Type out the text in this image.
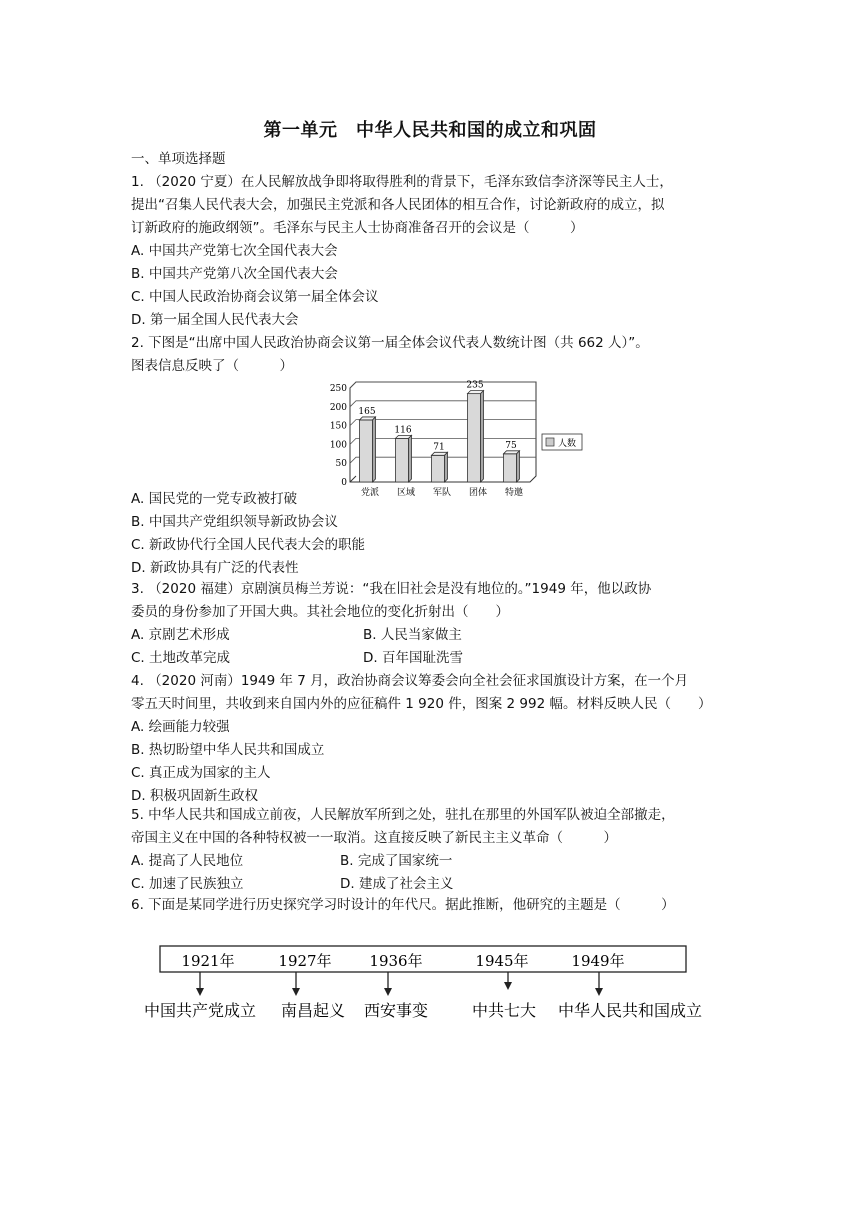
第一单元　中华人民共和国的成立和巩固
一、单项选择题
1. （2020 宁夏）在人民解放战争即将取得胜利的背景下，毛泽东致信李济深等民主人士，
提出“召集人民代表大会，加强民主党派和各人民团体的相互合作，讨论新政府的成立，拟
订新政府的施政纲领”。毛泽东与民主人士协商准备召开的会议是（　　　）
A. 中国共产党第七次全国代表大会
B. 中国共产党第八次全国代表大会
C. 中国人民政治协商会议第一届全体会议
D. 第一届全国人民代表大会
2. 下图是“出席中国人民政治协商会议第一届全体会议代表人数统计图（共 662 人）”。
图表信息反映了（　　　）
250
200
150
100
50
0
165
党派
116
区域
71
军队
235
团体
75
特邀
人数
A. 国民党的一党专政被打破
B. 中国共产党组织领导新政协会议
C. 新政协代行全国人民代表大会的职能
D. 新政协具有广泛的代表性
3. （2020 福建）京剧演员梅兰芳说：“我在旧社会是没有地位的。”1949 年，他以政协
委员的身份参加了开国大典。其社会地位的变化折射出（　　）
A. 京剧艺术形成	B. 人民当家做主
C. 土地改革完成	D. 百年国耻洗雪
4. （2020 河南）1949 年 7 月，政治协商会议筹委会向全社会征求国旗设计方案，在一个月
零五天时间里，共收到来自国内外的应征稿件 1 920 件，图案 2 992 幅。材料反映人民（　　）
A. 绘画能力较强
B. 热切盼望中华人民共和国成立
C. 真正成为国家的主人
D. 积极巩固新生政权
5. 中华人民共和国成立前夜，人民解放军所到之处，驻扎在那里的外国军队被迫全部撤走，
帝国主义在中国的各种特权被一一取消。这直接反映了新民主主义革命（　　　）
A. 提高了人民地位	B. 完成了国家统一
C. 加速了民族独立	D. 建成了社会主义
6. 下面是某同学进行历史探究学习时设计的年代尺。据此推断，他研究的主题是（　　　）
1921年	1927年	1936年	1945年	1949年
中国共产党成立 南昌起义 西安事变	中共七大 中华人民共和国成立
